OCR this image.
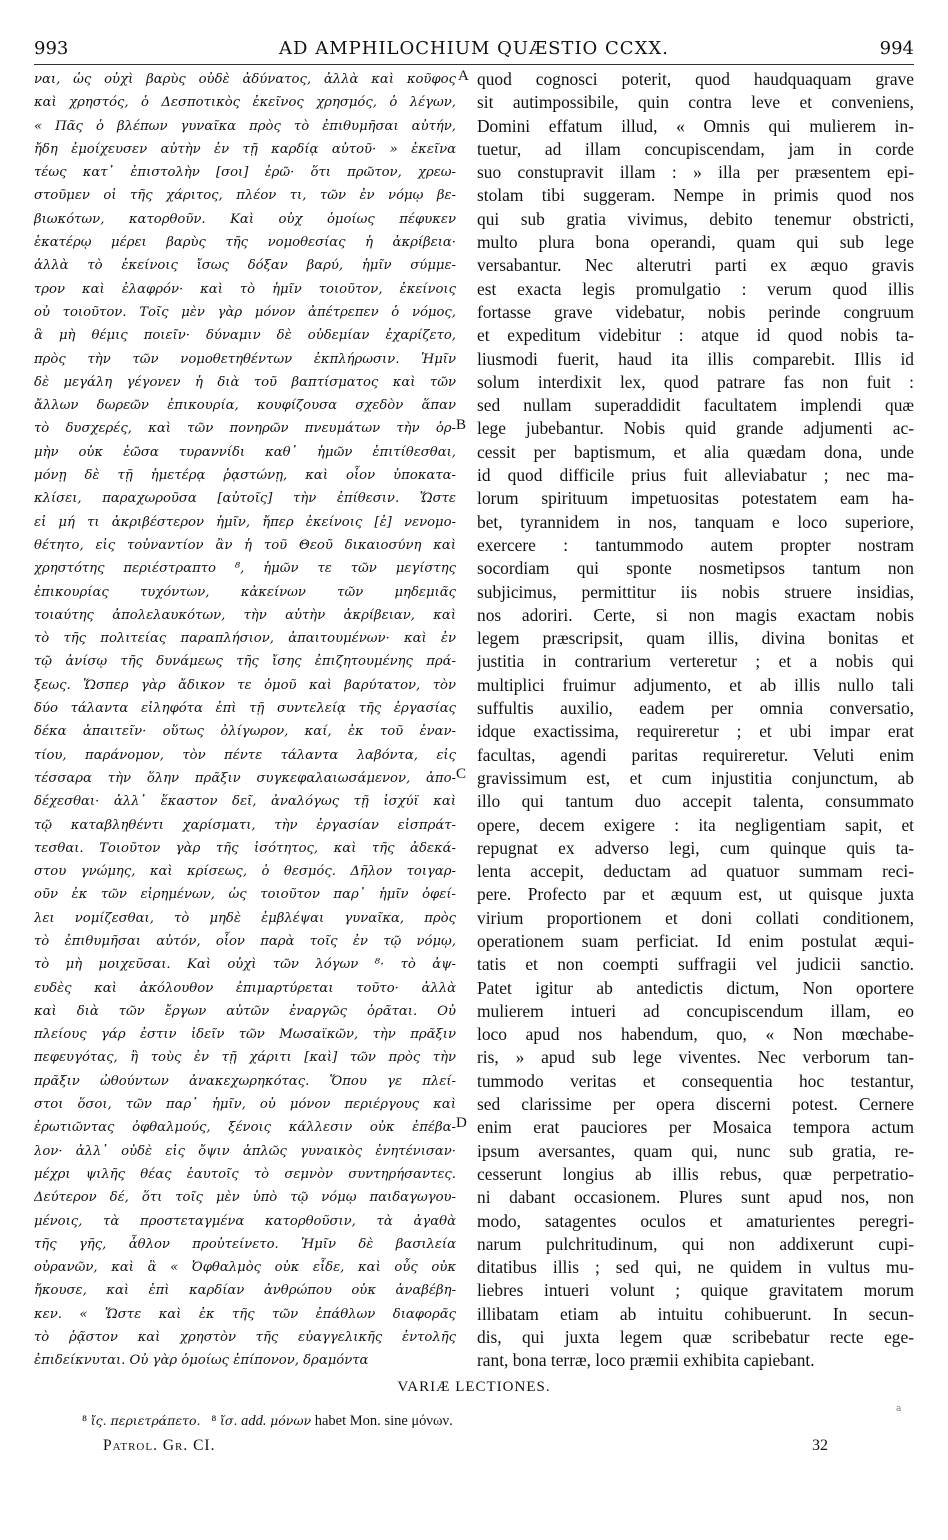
993	AD AMPHILOCHIUM QUÆSTIO CCXX.	994
ναι, ὡς οὐχὶ βαρὺς οὐδὲ ἀδύνατος, ἀλλὰ καὶ κοῦφος
καὶ χρηστός, ὁ Δεσποτικὸς ἐκεῖνος χρησμός, ὁ λέγων,
« Πᾶς ὁ βλέπων γυναῖκα πρὸς τὸ ἐπιθυμῆσαι αὐτήν,
ἤδη ἐμοίχευσεν αὐτὴν ἐν τῇ καρδίᾳ αὐτοῦ· » ἐκεῖνα
τέως κατ᾽ ἐπιστολὴν [σοι] ἐρῶ· ὅτι πρῶτον, χρεω-
στοῦμεν οἱ τῆς χάριτος, πλέον τι, τῶν ἐν νόμῳ βε-
βιωκότων, κατορθοῦν. Καὶ οὐχ ὁμοίως πέφυκεν
ἑκατέρῳ μέρει βαρὺς τῆς νομοθεσίας ἡ ἀκρίβεια·
ἀλλὰ τὸ ἐκείνοις ἴσως δόξαν βαρύ, ἡμῖν σύμμε-
τρον καὶ ἐλαφρόν· καὶ τὸ ἡμῖν τοιοῦτον, ἐκείνοις
οὐ τοιοῦτον. Τοῖς μὲν γὰρ μόνον ἀπέτρεπεν ὁ νόμος,
ἃ μὴ θέμις ποιεῖν· δύναμιν δὲ οὐδεμίαν ἐχαρίζετο,
πρὸς τὴν τῶν νομοθετηθέντων ἐκπλήρωσιν. Ἡμῖν
δὲ μεγάλη γέγονεν ἡ διὰ τοῦ βαπτίσματος καὶ τῶν
ἄλλων δωρεῶν ἐπικουρία, κουφίζουσα σχεδὸν ἅπαν
τὸ δυσχερές, καὶ τῶν πονηρῶν πνευμάτων τὴν ὁρ-
μὴν οὐκ ἐῶσα τυραννίδι καθ᾽ ἡμῶν ἐπιτίθεσθαι,
μόνῃ δὲ τῇ ἡμετέρᾳ ῥᾳστώνῃ, καὶ οἷον ὑποκατα-
κλίσει, παραχωροῦσα [αὐτοῖς] τὴν ἐπίθεσιν. Ὥστε
εἰ μή τι ἀκριβέστερον ἡμῖν, ἤπερ ἐκείνοις [ἐ] νενομο-
θέτητο, εἰς τοὐναντίον ἂν ἡ τοῦ Θεοῦ δικαιοσύνη καὶ
χρηστότης περιέστραπτο ⁸, ἡμῶν τε τῶν μεγίστης
ἐπικουρίας τυχόντων, κἀκείνων τῶν μηδεμιᾶς
τοιαύτης ἀπολελαυκότων, τὴν αὐτὴν ἀκρίβειαν, καὶ
τὸ τῆς πολιτείας παραπλήσιον, ἀπαιτουμένων· καὶ ἐν
τῷ ἀνίσῳ τῆς δυνάμεως τῆς ἴσης ἐπιζητουμένης πρά-
ξεως. Ὥσπερ γὰρ ἄδικον τε ὁμοῦ καὶ βαρύτατον, τὸν
δύο τάλαντα εἰληφότα ἐπὶ τῇ συντελείᾳ τῆς ἐργασίας
δέκα ἀπαιτεῖν· οὕτως ὀλίγωρον, καί, ἐκ τοῦ ἐναν-
τίου, παράνομον, τὸν πέντε τάλαντα λαβόντα, εἰς
τέσσαρα τὴν ὅλην πρᾶξιν συγκεφαλαιωσάμενον, ἀπο-
δέχεσθαι· ἀλλ᾽ ἕκαστον δεῖ, ἀναλόγως τῇ ἰσχύϊ καὶ
τῷ καταβληθέντι χαρίσματι, τὴν ἐργασίαν εἰσπράτ-
τεσθαι. Τοιοῦτον γὰρ τῆς ἰσότητος, καὶ τῆς ἀδεκά-
στου γνώμης, καὶ κρίσεως, ὁ θεσμός. Δῆλον τοιγαρ-
οῦν ἐκ τῶν εἰρημένων, ὡς τοιοῦτον παρ᾽ ἡμῖν ὀφεί-
λει νομίζεσθαι, τὸ μηδὲ ἐμβλέψαι γυναῖκα, πρὸς
τὸ ἐπιθυμῆσαι αὐτόν, οἷον παρὰ τοῖς ἐν τῷ νόμῳ,
τὸ μὴ μοιχεῦσαι. Καὶ οὐχὶ τῶν λόγων ⁸· τὸ ἀψ-
ευδὲς καὶ ἀκόλουθον ἐπιμαρτύρεται τοῦτο· ἀλλὰ
καὶ διὰ τῶν ἔργων αὐτῶν ἐναργῶς ὁρᾶται. Οὐ
πλείους γάρ ἐστιν ἰδεῖν τῶν Μωσαϊκῶν, τὴν πρᾶξιν
πεφευγότας, ἢ τοὺς ἐν τῇ χάριτι [καὶ] τῶν πρὸς τὴν
πρᾶξιν ὠθούντων ἀνακεχωρηκότας. Ὅπου γε πλεί-
στοι ὅσοι, τῶν παρ᾽ ἡμῖν, οὐ μόνον περιέργους καὶ
ἐρωτιῶντας ὀφθαλμούς, ξένοις κάλλεσιν οὐκ ἐπέβα-
λον· ἀλλ᾽ οὐδὲ εἰς ὄψιν ἁπλῶς γυναικὸς ἐνητένισαν·
μέχρι ψιλῆς θέας ἑαυτοῖς τὸ σεμνὸν συντηρήσαντες.
Δεύτερον δέ, ὅτι τοῖς μὲν ὑπὸ τῷ νόμῳ παιδαγωγου-
μένοις, τὰ προστεταγμένα κατορθοῦσιν, τὰ ἀγαθὰ
τῆς γῆς, ἆθλον προὐτείνετο. Ἡμῖν δὲ βασιλεία
οὐρανῶν, καὶ ἃ « Ὀφθαλμὸς οὐκ εἶδε, καὶ οὖς οὐκ
ἤκουσε, καὶ ἐπὶ καρδίαν ἀνθρώπου οὐκ ἀναβέβη-
κεν. « Ὥστε καὶ ἐκ τῆς τῶν ἐπάθλων διαφορᾶς
τὸ ῥᾷστον καὶ χρηστὸν τῆς εὐαγγελικῆς ἐντολῆς
ἐπιδείκνυται. Οὐ γὰρ ὁμοίως ἐπίπονον, δραμόντα
quod cognosci poterit, quod haudquaquam grave
sit autimpossibile, quin contra leve et conveniens,
Domini effatum illud, « Omnis qui mulierem in-
tuetur, ad illam concupiscendam, jam in corde
suo constupravit illam : » illa per præsentem epi-
stolam tibi suggeram. Nempe in primis quod nos
qui sub gratia vivimus, debito tenemur obstricti,
multo plura bona operandi, quam qui sub lege
versabantur. Nec alterutri parti ex æquo gravis
est exacta legis promulgatio : verum quod illis
fortasse grave videbatur, nobis perinde congruum
et expeditum videbitur : atque id quod nobis ta-
liusmodi fuerit, haud ita illis comparebit. Illis id
solum interdixit lex, quod patrare fas non fuit :
sed nullam superaddidit facultatem implendi quæ
lege jubebantur. Nobis quid grande adjumenti ac-
cessit per baptismum, et alia quædam dona, unde
id quod difficile prius fuit alleviabatur ; nec ma-
lorum spirituum impetuositas potestatem eam ha-
bet, tyrannidem in nos, tanquam e loco superiore,
exercere : tantummodo autem propter nostram
socordiam qui sponte nosmetipsos tantum non
subjicimus, permittitur iis nobis struere insidias,
nos adoriri. Certe, si non magis exactam nobis
legem præscripsit, quam illis, divina bonitas et
justitia in contrarium verteretur ; et a nobis qui
multiplici fruimur adjumento, et ab illis nullo tali
suffultis auxilio, eadem per omnia conversatio,
idque exactissima, requireretur ; et ubi impar erat
facultas, agendi paritas requireretur. Veluti enim
gravissimum est, et cum injustitia conjunctum, ab
illo qui tantum duo accepit talenta, consummato
opere, decem exigere : ita negligentiam sapit, et
repugnat ex adverso legi, cum quinque quis ta-
lenta accepit, deductam ad quatuor summam reci-
pere. Profecto par et æquum est, ut quisque juxta
virium proportionem et doni collati conditionem,
operationem suam perficiat. Id enim postulat æqui-
tatis et non coempti suffragii vel judicii sanctio.
Patet igitur ab antedictis dictum, Non oportere
mulierem intueri ad concupiscendum illam, eo
loco apud nos habendum, quo, « Non mœchabe-
ris, » apud sub lege viventes. Nec verborum tan-
tummodo veritas et consequentia hoc testantur,
sed clarissime per opera discerni potest. Cernere
enim erat pauciores per Mosaica tempora actum
ipsum aversantes, quam qui, nunc sub gratia, re-
cesserunt longius ab illis rebus, quæ perpetratio-
ni dabant occasionem. Plures sunt apud nos, non
modo, satagentes oculos et amaturientes peregri-
narum pulchritudinum, qui non addixerunt cupi-
ditatibus illis ; sed qui, ne quidem in vultus mu-
liebres intueri volunt ; quique gravitatem morum
illibatam etiam ab intuitu cohibuerunt. In secun-
dis, qui juxta legem quæ scribebatur recte ege-
rant, bona terræ, loco præmii exhibita capiebant.
A
B
C
D
VARIÆ LECTIONES.
a
⁸ ἴς. περιετράπετο. ⁸ ἴσ. add. μόνων habet Mon. sine μόνων.
Patrol. Gr. CI.	32
